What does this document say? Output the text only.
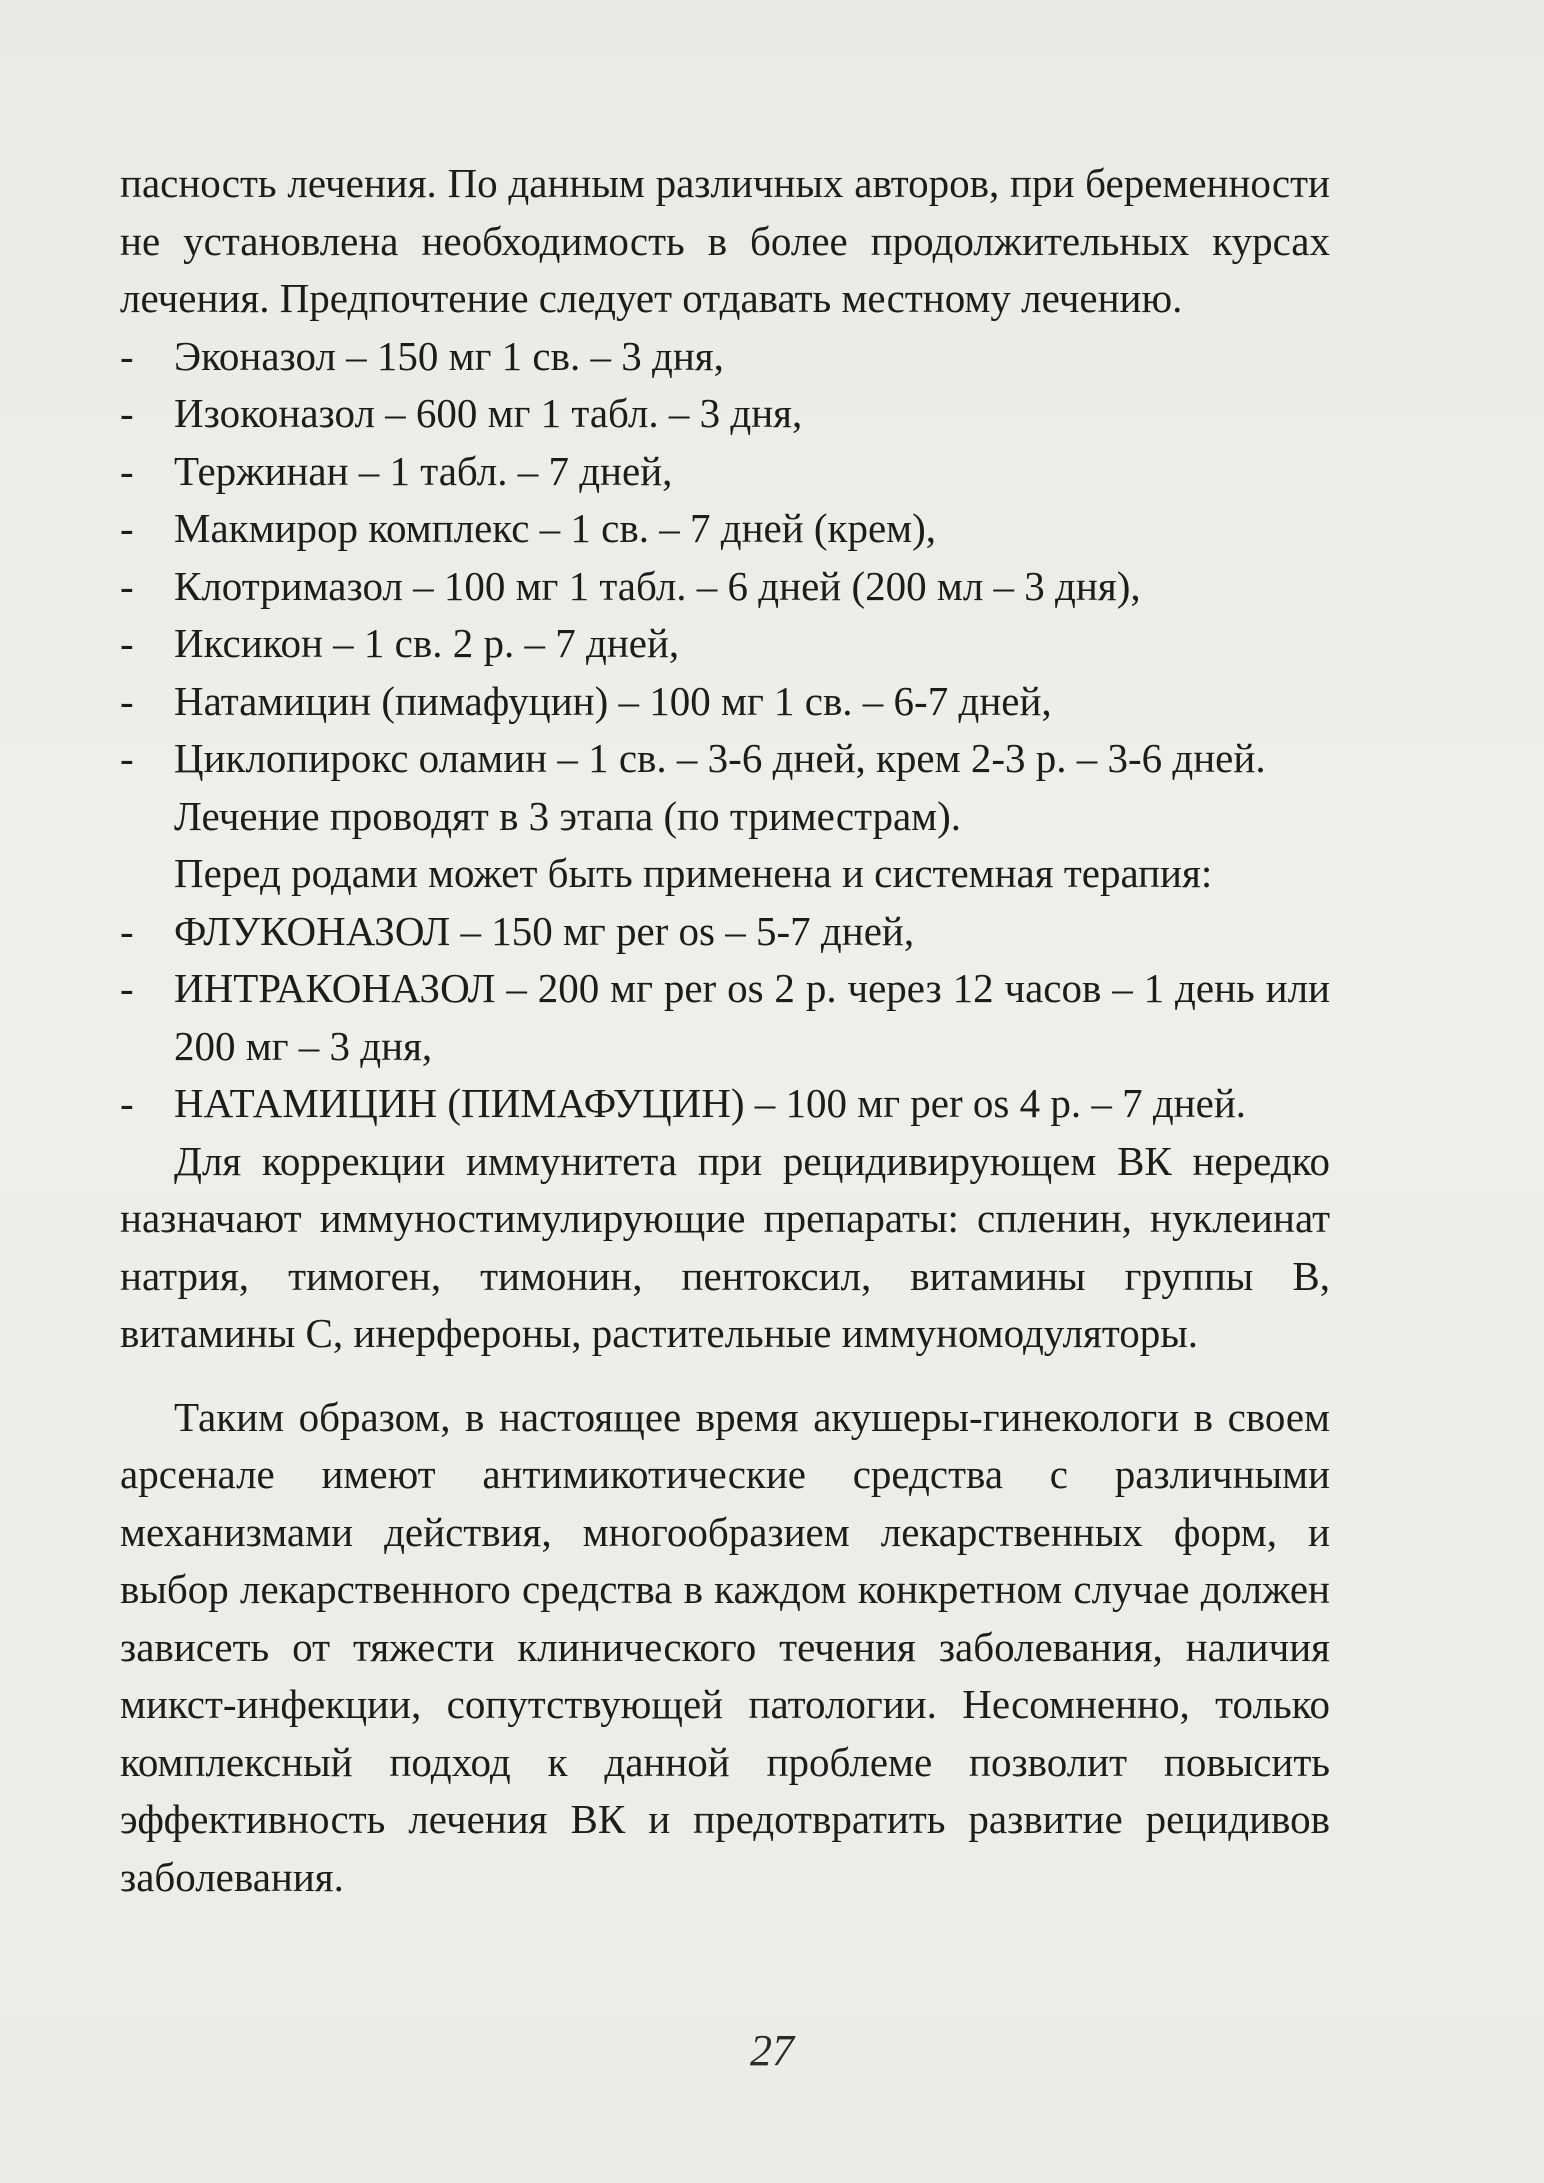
пасность лечения. По данным различных авторов, при беременности не установлена необходимость в более продолжительных курсах лечения. Предпочтение следует отдавать местному лечению.

- Эконазол – 150 мг 1 св. – 3 дня,
- Изоконазол – 600 мг 1 табл. – 3 дня,
- Тержинан – 1 табл. – 7 дней,
- Макмирор комплекс – 1 св. – 7 дней (крем),
- Клотримазол – 100 мг 1 табл. – 6 дней (200 мл – 3 дня),
- Иксикон – 1 св. 2 р. – 7 дней,
- Натамицин (пимафуцин) – 100 мг 1 св. – 6-7 дней,
- Циклопирокс оламин – 1 св. – 3-6 дней, крем 2-3 р. – 3-6 дней.

Лечение проводят в 3 этапа (по триместрам).

Перед родами может быть применена и системная терапия:

- ФЛУКОНАЗОЛ – 150 мг per os – 5-7 дней,
- ИНТРАКОНАЗОЛ – 200 мг per os 2 р. через 12 часов – 1 день или 200 мг – 3 дня,
- НАТАМИЦИН (ПИМАФУЦИН) – 100 мг per os 4 р. – 7 дней.

Для коррекции иммунитета при рецидивирующем ВК нередко назначают иммуностимулирующие препараты: спленин, нуклеинат натрия, тимоген, тимонин, пентоксил, витамины группы В, витамины С, инерфероны, растительные иммуномодуляторы.

Таким образом, в настоящее время акушеры-гинекологи в своем арсенале имеют антимикотические средства с различными механизмами действия, многообразием лекарственных форм, и выбор лекарственного средства в каждом конкретном случае должен зависеть от тяжести клинического течения заболевания, наличия микст-инфекции, сопутствующей патологии. Несомненно, только комплексный подход к данной проблеме позволит повысить эффективность лечения ВК и предотвратить развитие рецидивов заболевания.

27
